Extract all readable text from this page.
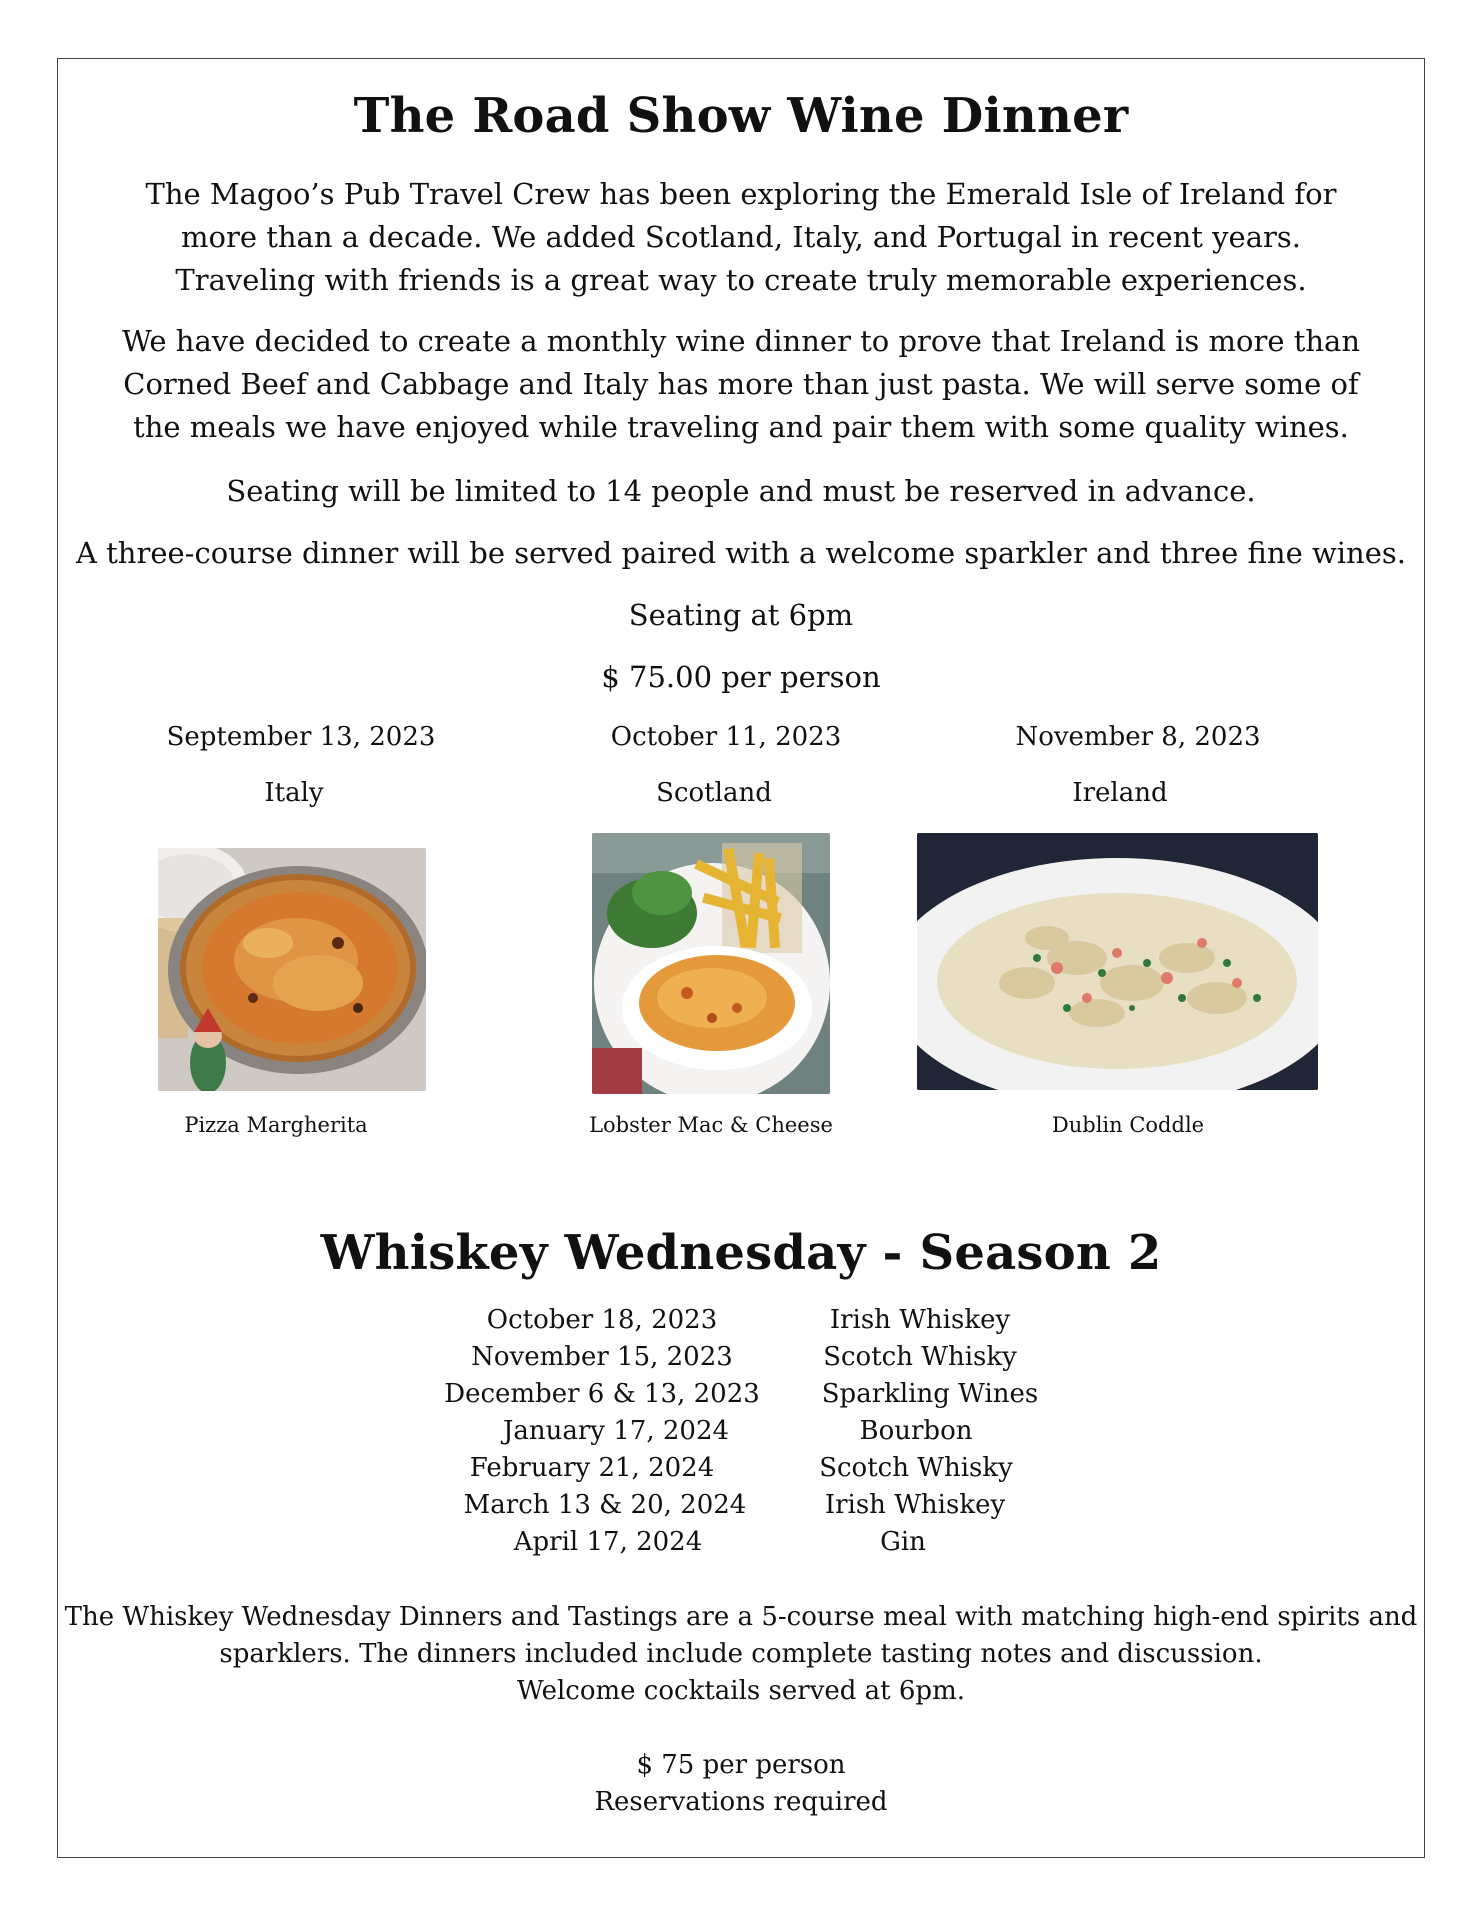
The Road Show Wine Dinner
The Magoo’s Pub Travel Crew has been exploring the Emerald Isle of Ireland for more than a decade. We added Scotland, Italy, and Portugal in recent years. Traveling with friends is a great way to create truly memorable experiences.
We have decided to create a monthly wine dinner to prove that Ireland is more than Corned Beef and Cabbage and Italy has more than just pasta. We will serve some of the meals we have enjoyed while traveling and pair them with some quality wines.
Seating will be limited to 14 people and must be reserved in advance.
A three-course dinner will be served paired with a welcome sparkler and three fine wines.
Seating at 6pm
$ 75.00 per person
September 13, 2023	October 11, 2023	November 8, 2023
Italy	Scotland	Ireland
Pizza Margherita	Lobster Mac & Cheese	Dublin Coddle
Whiskey Wednesday - Season 2
October 18, 2023	Irish Whiskey
November 15, 2023	Scotch Whisky
December 6 & 13, 2023	Sparkling Wines
January 17, 2024	Bourbon
February 21, 2024	Scotch Whisky
March 13 & 20, 2024	Irish Whiskey
April 17, 2024	Gin
The Whiskey Wednesday Dinners and Tastings are a 5-course meal with matching high-end spirits and
sparklers. The dinners included include complete tasting notes and discussion.
Welcome cocktails served at 6pm.
$ 75 per person
Reservations required
